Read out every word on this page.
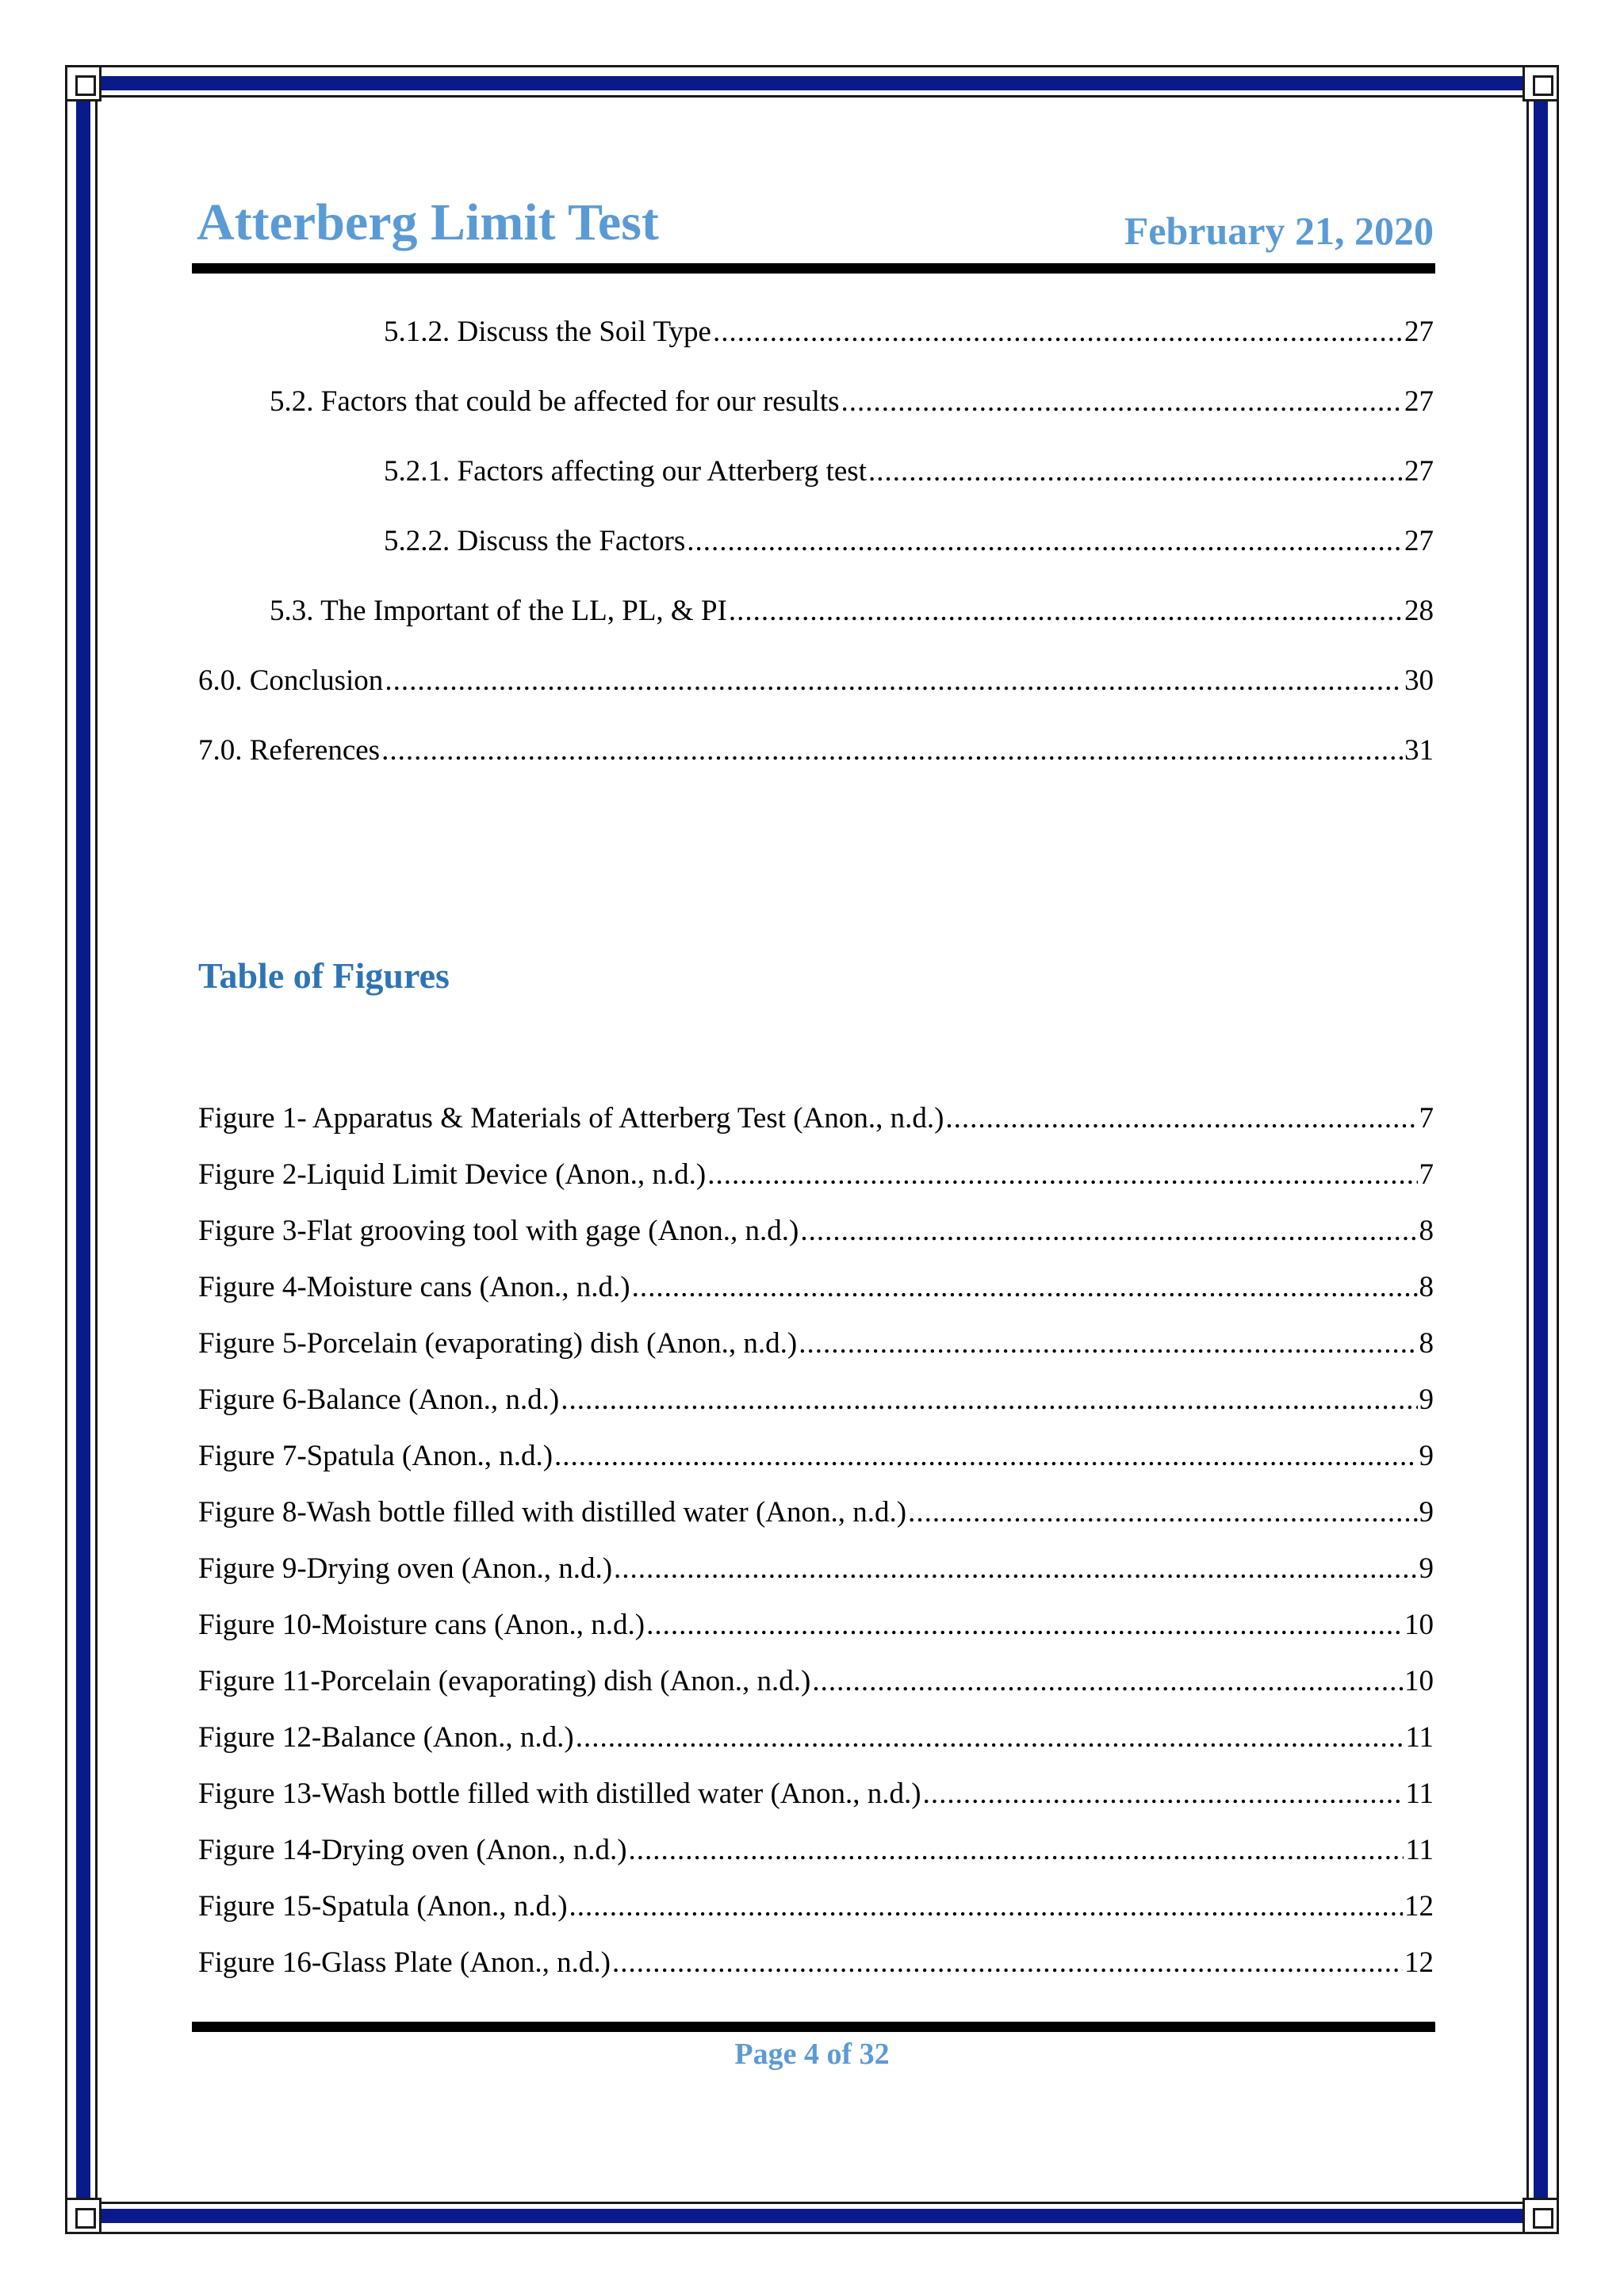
Atterberg Limit Test	February 21, 2020
5.1.2. Discuss the Soil Type .....	27
5.2. Factors that could be affected for our results .....	27
5.2.1. Factors affecting our Atterberg test .....	27
5.2.2. Discuss the Factors .....	27
5.3. The Important of the LL, PL, & PI .....	28
6.0. Conclusion .....	30
7.0. References .....	31
Table of Figures
Figure 1- Apparatus & Materials of Atterberg Test (Anon., n.d.) .....	7
Figure 2-Liquid Limit Device (Anon., n.d.) .....	7
Figure 3-Flat grooving tool with gage (Anon., n.d.) .....	8
Figure 4-Moisture cans (Anon., n.d.) .....	8
Figure 5-Porcelain (evaporating) dish (Anon., n.d.) .....	8
Figure 6-Balance (Anon., n.d.) .....	9
Figure 7-Spatula (Anon., n.d.) .....	9
Figure 8-Wash bottle filled with distilled water (Anon., n.d.) .....	9
Figure 9-Drying oven (Anon., n.d.) .....	9
Figure 10-Moisture cans (Anon., n.d.) .....	10
Figure 11-Porcelain (evaporating) dish (Anon., n.d.) .....	10
Figure 12-Balance (Anon., n.d.) .....	11
Figure 13-Wash bottle filled with distilled water (Anon., n.d.) .....	11
Figure 14-Drying oven (Anon., n.d.) .....	11
Figure 15-Spatula (Anon., n.d.) .....	12
Figure 16-Glass Plate (Anon., n.d.) .....	12
Page 4 of 32
